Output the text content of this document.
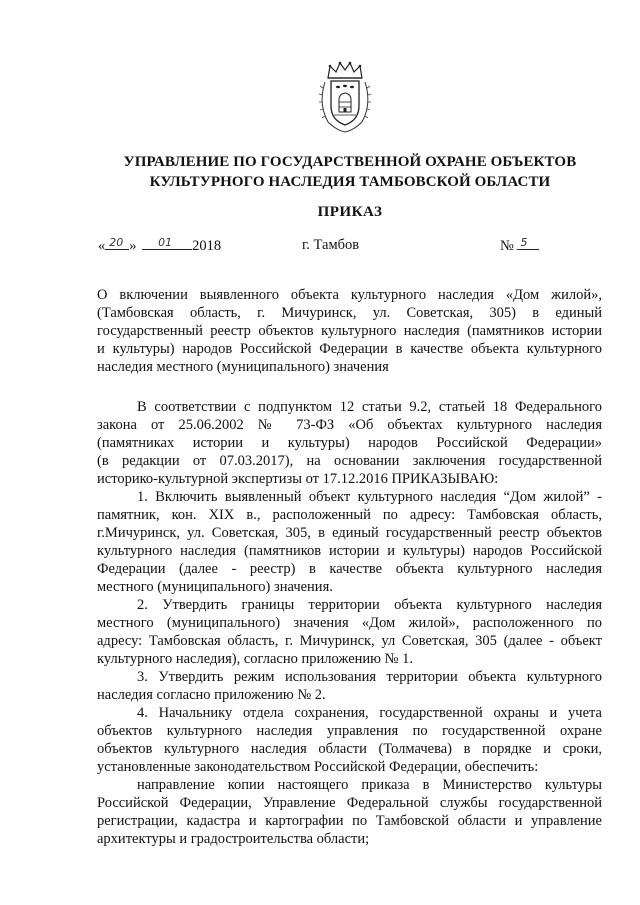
УПРАВЛЕНИЕ ПО ГОСУДАРСТВЕННОЙ ОХРАНЕ ОБЪЕКТОВ
КУЛЬТУРНОГО НАСЛЕДИЯ ТАМБОВСКОЙ ОБЛАСТИ
ПРИКАЗ
« 20 » 01 2018	г. Тамбов	№ 5
О включении выявленного объекта культурного наследия «Дом жилой»,
(Тамбовская область, г. Мичуринск, ул. Советская, 305) в единый
государственный реестр объектов культурного наследия (памятников истории
и культуры) народов Российской Федерации в качестве объекта культурного
наследия местного (муниципального) значения
В соответствии с подпунктом 12 статьи 9.2, статьей 18 Федерального
закона от 25.06.2002 № 73-ФЗ «Об объектах культурного наследия
(памятниках истории и культуры) народов Российской Федерации»
(в редакции от 07.03.2017), на основании заключения государственной
историко-культурной экспертизы от 17.12.2016 ПРИКАЗЫВАЮ:
1. Включить выявленный объект культурного наследия “Дом жилой” -
памятник, кон. XIX в., расположенный по адресу: Тамбовская область,
г.Мичуринск, ул. Советская, 305, в единый государственный реестр объектов
культурного наследия (памятников истории и культуры) народов Российской
Федерации (далее - реестр) в качестве объекта культурного наследия
местного (муниципального) значения.
2. Утвердить границы территории объекта культурного наследия
местного (муниципального) значения «Дом жилой», расположенного по
адресу: Тамбовская область, г. Мичуринск, ул Советская, 305 (далее - объект
культурного наследия), согласно приложению № 1.
3. Утвердить режим использования территории объекта культурного
наследия согласно приложению № 2.
4. Начальнику отдела сохранения, государственной охраны и учета
объектов культурного наследия управления по государственной охране
объектов культурного наследия области (Толмачева) в порядке и сроки,
установленные законодательством Российской Федерации, обеспечить:
направление копии настоящего приказа в Министерство культуры
Российской Федерации, Управление Федеральной службы государственной
регистрации, кадастра и картографии по Тамбовской области и управление
архитектуры и градостроительства области;
